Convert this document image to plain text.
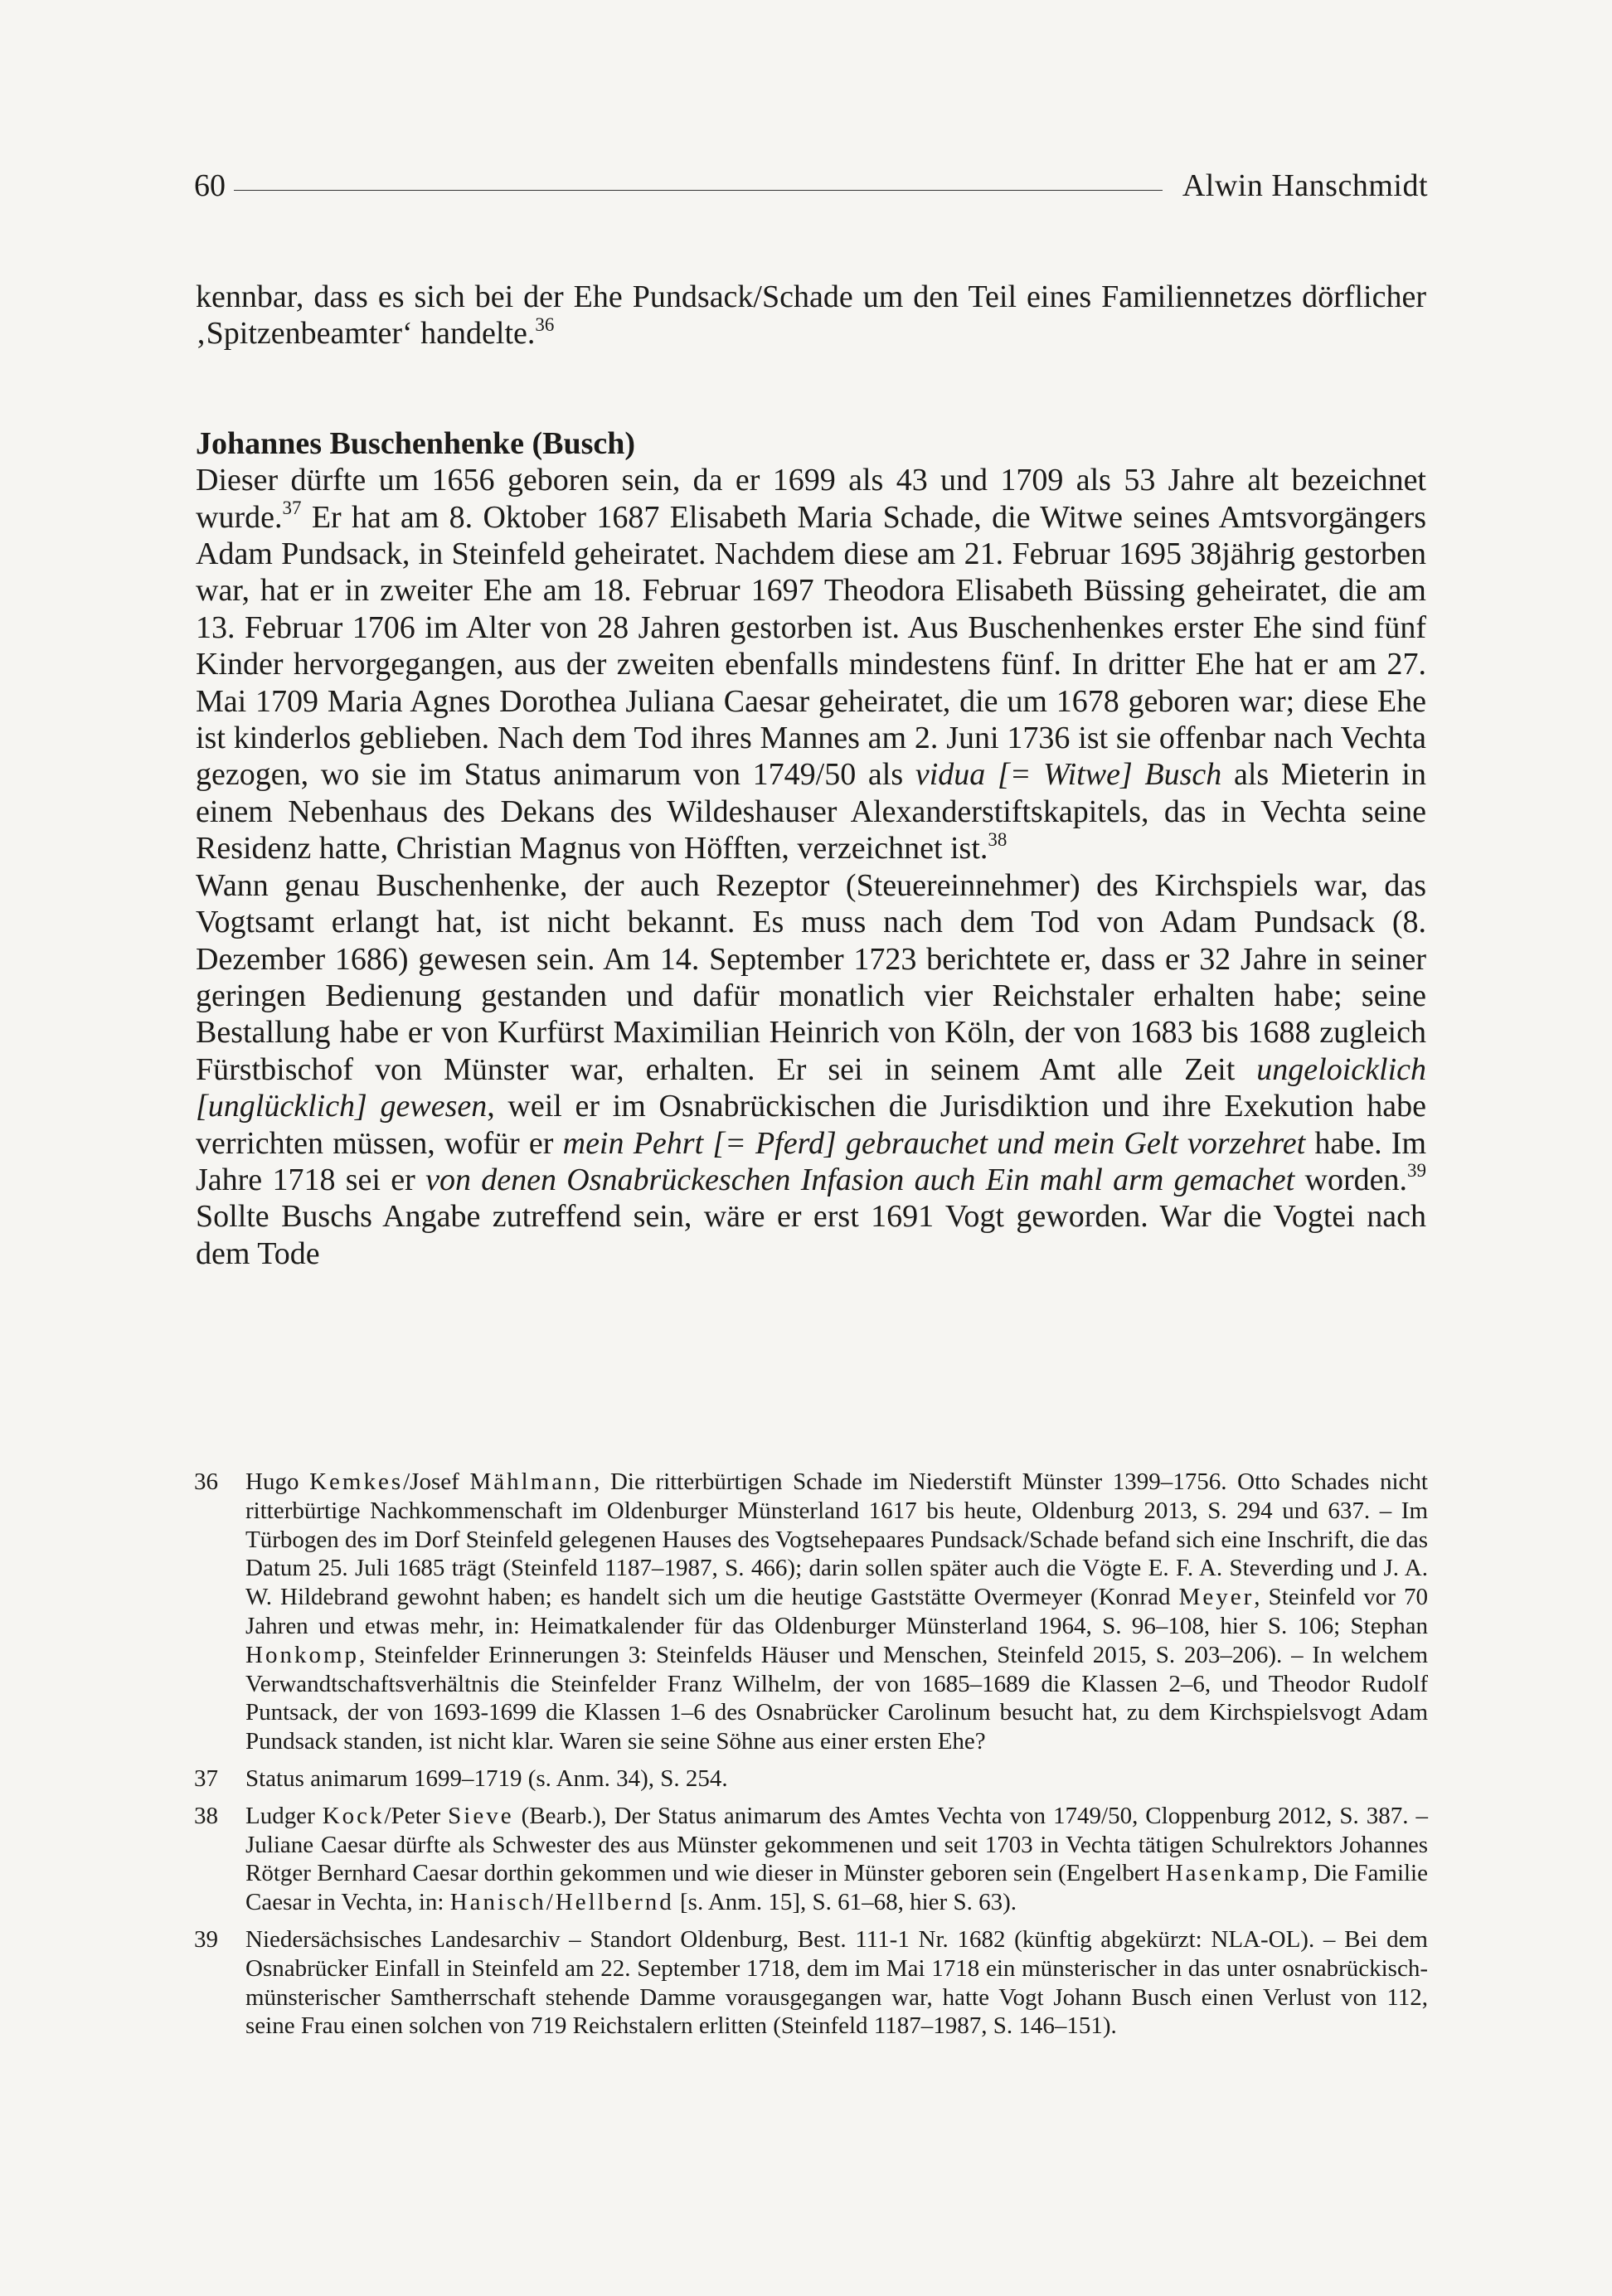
60	Alwin Hanschmidt

kennbar, dass es sich bei der Ehe Pundsack/Schade um den Teil eines Familiennetzes dörflicher ‚Spitzenbeamter‘ handelte.$^{36}$

Johannes Buschenhenke (Busch)

Dieser dürfte um 1656 geboren sein, da er 1699 als 43 und 1709 als 53 Jahre alt bezeichnet wurde.$^{37}$ Er hat am 8. Oktober 1687 Elisabeth Maria Schade, die Witwe seines Amtsvorgängers Adam Pundsack, in Steinfeld geheiratet. Nachdem diese am 21. Februar 1695 38jährig gestorben war, hat er in zweiter Ehe am 18. Februar 1697 Theodora Elisabeth Büssing geheiratet, die am 13. Februar 1706 im Alter von 28 Jahren gestorben ist. Aus Buschenhenkes erster Ehe sind fünf Kinder hervorgegangen, aus der zweiten ebenfalls mindestens fünf. In dritter Ehe hat er am 27. Mai 1709 Maria Agnes Dorothea Juliana Caesar geheiratet, die um 1678 geboren war; diese Ehe ist kinderlos geblieben. Nach dem Tod ihres Mannes am 2. Juni 1736 ist sie offenbar nach Vechta gezogen, wo sie im Status animarum von 1749/50 als vidua [= Witwe] Busch als Mieterin in einem Nebenhaus des Dekans des Wildeshauser Alexanderstiftskapitels, das in Vechta seine Residenz hatte, Christian Magnus von Höfften, verzeichnet ist.$^{38}$

Wann genau Buschenhenke, der auch Rezeptor (Steuereinnehmer) des Kirchspiels war, das Vogtsamt erlangt hat, ist nicht bekannt. Es muss nach dem Tod von Adam Pundsack (8. Dezember 1686) gewesen sein. Am 14. September 1723 berichtete er, dass er 32 Jahre in seiner geringen Bedienung gestanden und dafür monatlich vier Reichstaler erhalten habe; seine Bestallung habe er von Kurfürst Maximilian Heinrich von Köln, der von 1683 bis 1688 zugleich Fürstbischof von Münster war, erhalten. Er sei in seinem Amt alle Zeit ungeloicklich [unglücklich] gewesen, weil er im Osnabrückischen die Jurisdiktion und ihre Exekution habe verrichten müssen, wofür er mein Pehrt [= Pferd] gebrauchet und mein Gelt vorzehret habe. Im Jahre 1718 sei er von denen Osnabrückeschen Infasion auch Ein mahl arm gemachet worden.$^{39}$ Sollte Buschs Angabe zutreffend sein, wäre er erst 1691 Vogt geworden. War die Vogtei nach dem Tode

36	Hugo Kemkes/Josef Mählmann, Die ritterbürtigen Schade im Niederstift Münster 1399–1756. Otto Schades nicht ritterbürtige Nachkommenschaft im Oldenburger Münsterland 1617 bis heute, Oldenburg 2013, S. 294 und 637. – Im Türbogen des im Dorf Steinfeld gelegenen Hauses des Vogtsehepaares Pundsack/Schade befand sich eine Inschrift, die das Datum 25. Juli 1685 trägt (Steinfeld 1187–1987, S. 466); darin sollen später auch die Vögte E. F. A. Steverding und J. A. W. Hildebrand gewohnt haben; es handelt sich um die heutige Gaststätte Overmeyer (Konrad Meyer, Steinfeld vor 70 Jahren und etwas mehr, in: Heimatkalender für das Oldenburger Münsterland 1964, S. 96–108, hier S. 106; Stephan Honkomp, Steinfelder Erinnerungen 3: Steinfelds Häuser und Menschen, Steinfeld 2015, S. 203–206). – In welchem Verwandtschaftsverhältnis die Steinfelder Franz Wilhelm, der von 1685–1689 die Klassen 2–6, und Theodor Rudolf Puntsack, der von 1693-1699 die Klassen 1–6 des Osnabrücker Carolinum besucht hat, zu dem Kirchspielsvogt Adam Pundsack standen, ist nicht klar. Waren sie seine Söhne aus einer ersten Ehe?
37	Status animarum 1699–1719 (s. Anm. 34), S. 254.
38	Ludger Kock/Peter Sieve (Bearb.), Der Status animarum des Amtes Vechta von 1749/50, Cloppenburg 2012, S. 387. – Juliane Caesar dürfte als Schwester des aus Münster gekommenen und seit 1703 in Vechta tätigen Schulrektors Johannes Rötger Bernhard Caesar dorthin gekommen und wie dieser in Münster geboren sein (Engelbert Hasenkamp, Die Familie Caesar in Vechta, in: Hanisch/Hellbernd [s. Anm. 15], S. 61–68, hier S. 63).
39	Niedersächsisches Landesarchiv – Standort Oldenburg, Best. 111-1 Nr. 1682 (künftig abgekürzt: NLA-OL). – Bei dem Osnabrücker Einfall in Steinfeld am 22. September 1718, dem im Mai 1718 ein münsterischer in das unter osnabrückisch-münsterischer Samtherrschaft stehende Damme vorausgegangen war, hatte Vogt Johann Busch einen Verlust von 112, seine Frau einen solchen von 719 Reichstalern erlitten (Steinfeld 1187–1987, S. 146–151).
